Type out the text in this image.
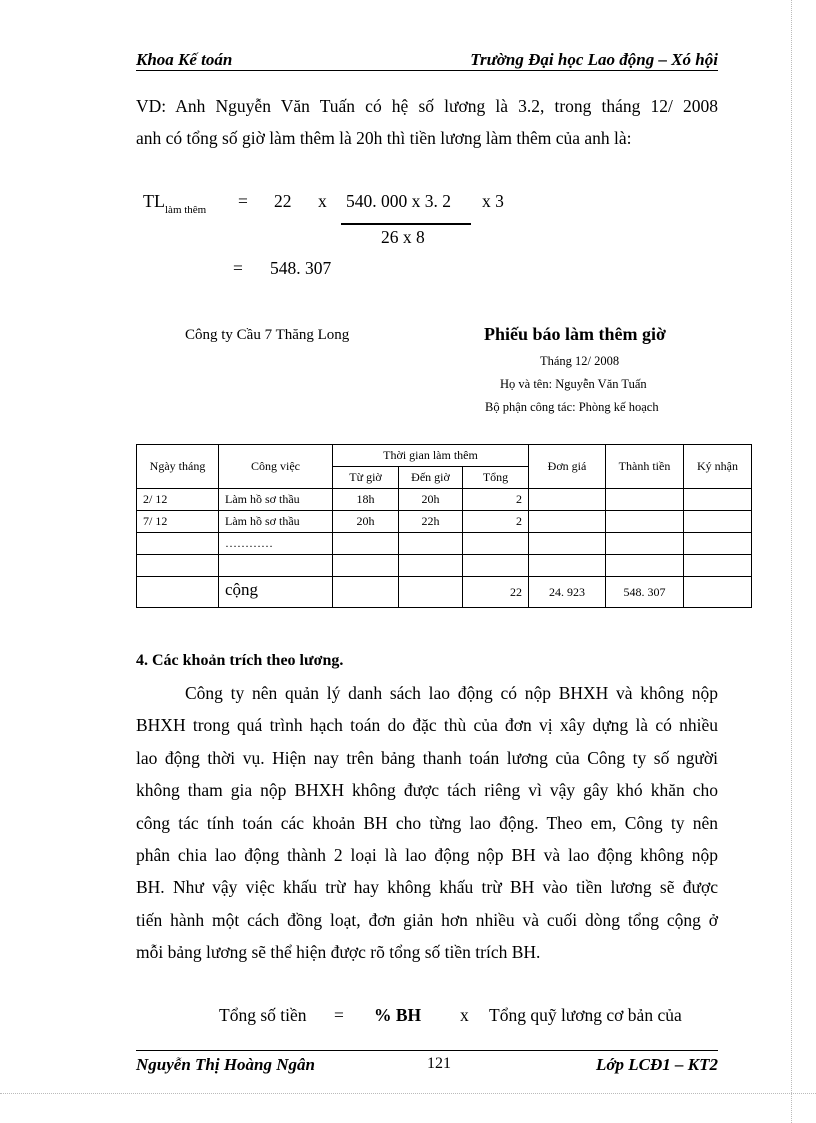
Khoa Kế toán	Trường Đại học Lao động – Xó hội
VD: Anh Nguyễn Văn Tuấn có hệ số lương là 3.2, trong tháng 12/ 2008
anh có tổng số giờ làm thêm là 20h thì tiền lương làm thêm của anh là:
$TL_{làm thêm} = 22$ x 540. 000 x 3. 2 x 3
26 x 8
= 548. 307
Công ty Cầu 7 Thăng Long	Phiếu báo làm thêm giờ
Tháng 12/ 2008
Họ và tên: Nguyễn Văn Tuấn
Bộ phận công tác: Phòng kế hoạch
Ngày tháng	Công việc	Thời gian làm thêm			Đơn giá	Thành tiền	Ký nhận
		Từ giờ	Đến giờ	Tổng			
2/ 12	Làm hồ sơ thầu	18h	20h	2			
7/ 12	Làm hồ sơ thầu	20h	22h	2			
	…………						

	cộng			22	24. 923	548. 307	
4. Các khoản trích theo lương.
Công ty nên quản lý danh sách lao động có nộp BHXH và không nộp
BHXH trong quá trình hạch toán do đặc thù của đơn vị xây dựng là có nhiều
lao động thời vụ. Hiện nay trên bảng thanh toán lương của Công ty số người
không tham gia nộp BHXH không được tách riêng vì vậy gây khó khăn cho
công tác tính toán các khoản BH cho từng lao động. Theo em, Công ty nên
phân chia lao động thành 2 loại là lao động nộp BH và lao động không nộp
BH. Như vậy việc khấu trừ hay không khấu trừ BH vào tiền lương sẽ được
tiến hành một cách đồng loạt, đơn giản hơn nhiều và cuối dòng tổng cộng ở
mỗi bảng lương sẽ thể hiện được rõ tổng số tiền trích BH.
Tổng số tiền = % BH x Tổng quỹ lương cơ bản của
Nguyễn Thị Hoàng Ngân	121	Lớp LCĐ1 – KT2
